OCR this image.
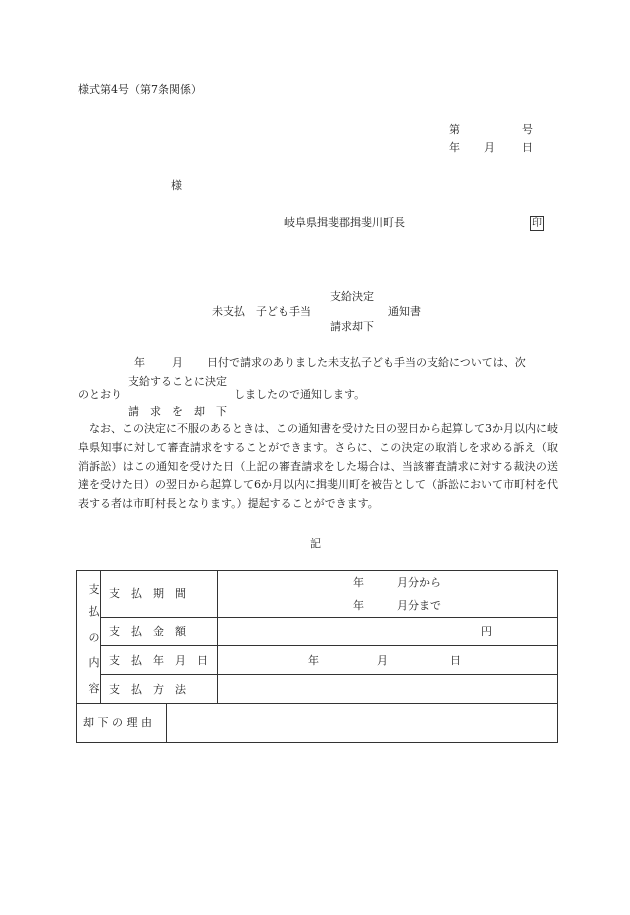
様式第4号（第7条関係）
第	号
年 月 日
様
岐阜県揖斐郡揖斐川町長	印
支給決定
未支払　子ども手当	通知書
請求却下
年 月 日付で請求のありました未支払子ども手当の支給については、次
支給することに決定
のとおり	しましたので通知します。
請　求　を　却　下
なお、この決定に不服のあるときは、この通知書を受けた日の翌日から起算して3か月以内に岐阜県知事に対して審査請求をすることができます。さらに、この決定の取消しを求める訴え（取消訴訟）はこの通知を受けた日（上記の審査請求をした場合は、当該審査請求に対する裁決の送達を受けた日）の翌日から起算して6か月以内に揖斐川町を被告として（訴訟において市町村を代表する者は市町村長となります。）提起することができます。
記
支
払
の
内
容
支　払　期　間
年　　　月分から
年　　　月分まで
支　払　金　額	円
支　払　年　月　日	年	月	日
支　払　方　法
却 下 の 理 由
